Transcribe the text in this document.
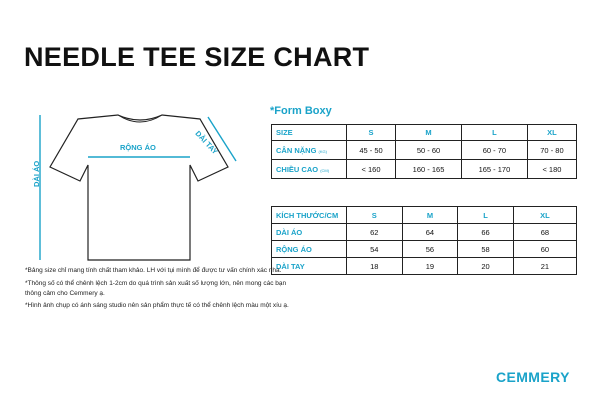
NEEDLE TEE SIZE CHART
RỘNG ÁO	DÀI TAY
DÀI ÁO
*Form Boxy
SIZE	S	M	L	XL
CÂN NẶNG (KG)	45 - 50	50 - 60	60 - 70	70 - 80
CHIỀU CAO (CM)	< 160	160 - 165	165 - 170	< 180
KÍCH THƯỚC/CM	S	M	L	XL
DÀI ÁO	62	64	66	68
RỘNG ÁO	54	56	58	60
DÀI TAY	18	19	20	21

*Bảng size chỉ mang tính chất tham khảo. LH với tụi mình để được tư vấn chính xác nha.

*Thông số có thể chênh lệch 1-2cm do quá trình sản xuất số lượng lớn, nên mong các bạn thông cảm cho Cemmery ạ.

*Hình ảnh chụp có ánh sáng studio nên sản phẩm thực tế có thể chênh lệch màu một xíu ạ.

CEMMERY
